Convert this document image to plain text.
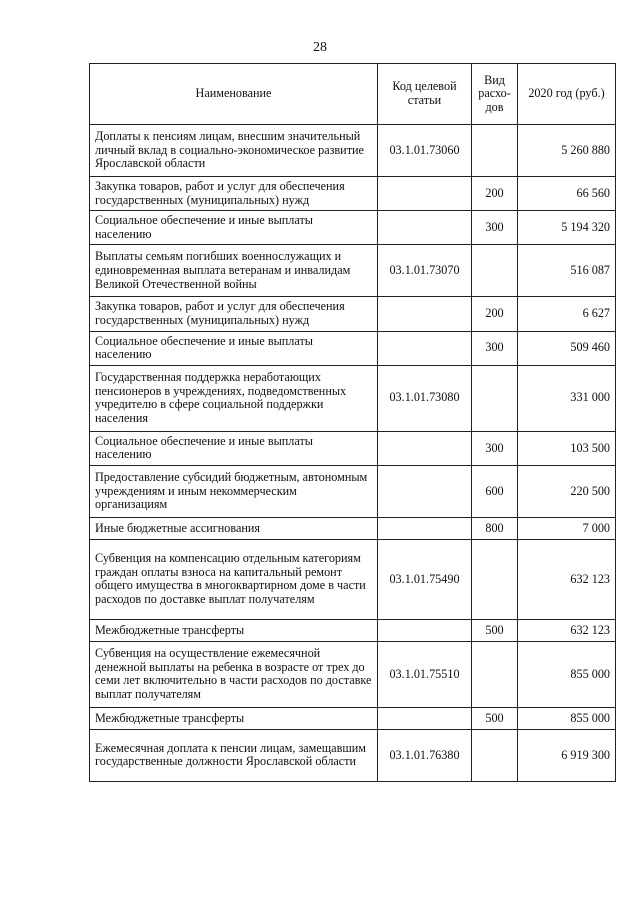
28
Наименование	Код целевой статьи	Вид расхо-дов	2020 год (руб.)
Доплаты к пенсиям лицам, внесшим значительный личный вклад в социально-экономическое развитие Ярославской области	03.1.01.73060		5 260 880
Закупка товаров, работ и услуг для обеспечения государственных (муниципальных) нужд		200	66 560
Социальное обеспечение и иные выплаты населению		300	5 194 320
Выплаты семьям погибших военнослужащих и единовременная выплата ветеранам и инвалидам Великой Отечественной войны	03.1.01.73070		516 087
Закупка товаров, работ и услуг для обеспечения государственных (муниципальных) нужд		200	6 627
Социальное обеспечение и иные выплаты населению		300	509 460
Государственная поддержка неработающих пенсионеров в учреждениях, подведомственных учредителю в сфере социальной поддержки населения	03.1.01.73080		331 000
Социальное обеспечение и иные выплаты населению		300	103 500
Предоставление субсидий бюджетным, автономным учреждениям и иным некоммерческим организациям		600	220 500
Иные бюджетные ассигнования		800	7 000
Субвенция на компенсацию отдельным категориям граждан оплаты взноса на капитальный ремонт общего имущества в многоквартирном доме в части расходов по доставке выплат получателям	03.1.01.75490		632 123
Межбюджетные трансферты		500	632 123
Субвенция на осуществление ежемесячной денежной выплаты на ребенка в возрасте от трех до семи лет включительно в части расходов по доставке выплат получателям	03.1.01.75510		855 000
Межбюджетные трансферты		500	855 000
Ежемесячная доплата к пенсии лицам, замещавшим государственные должности Ярославской области	03.1.01.76380		6 919 300
